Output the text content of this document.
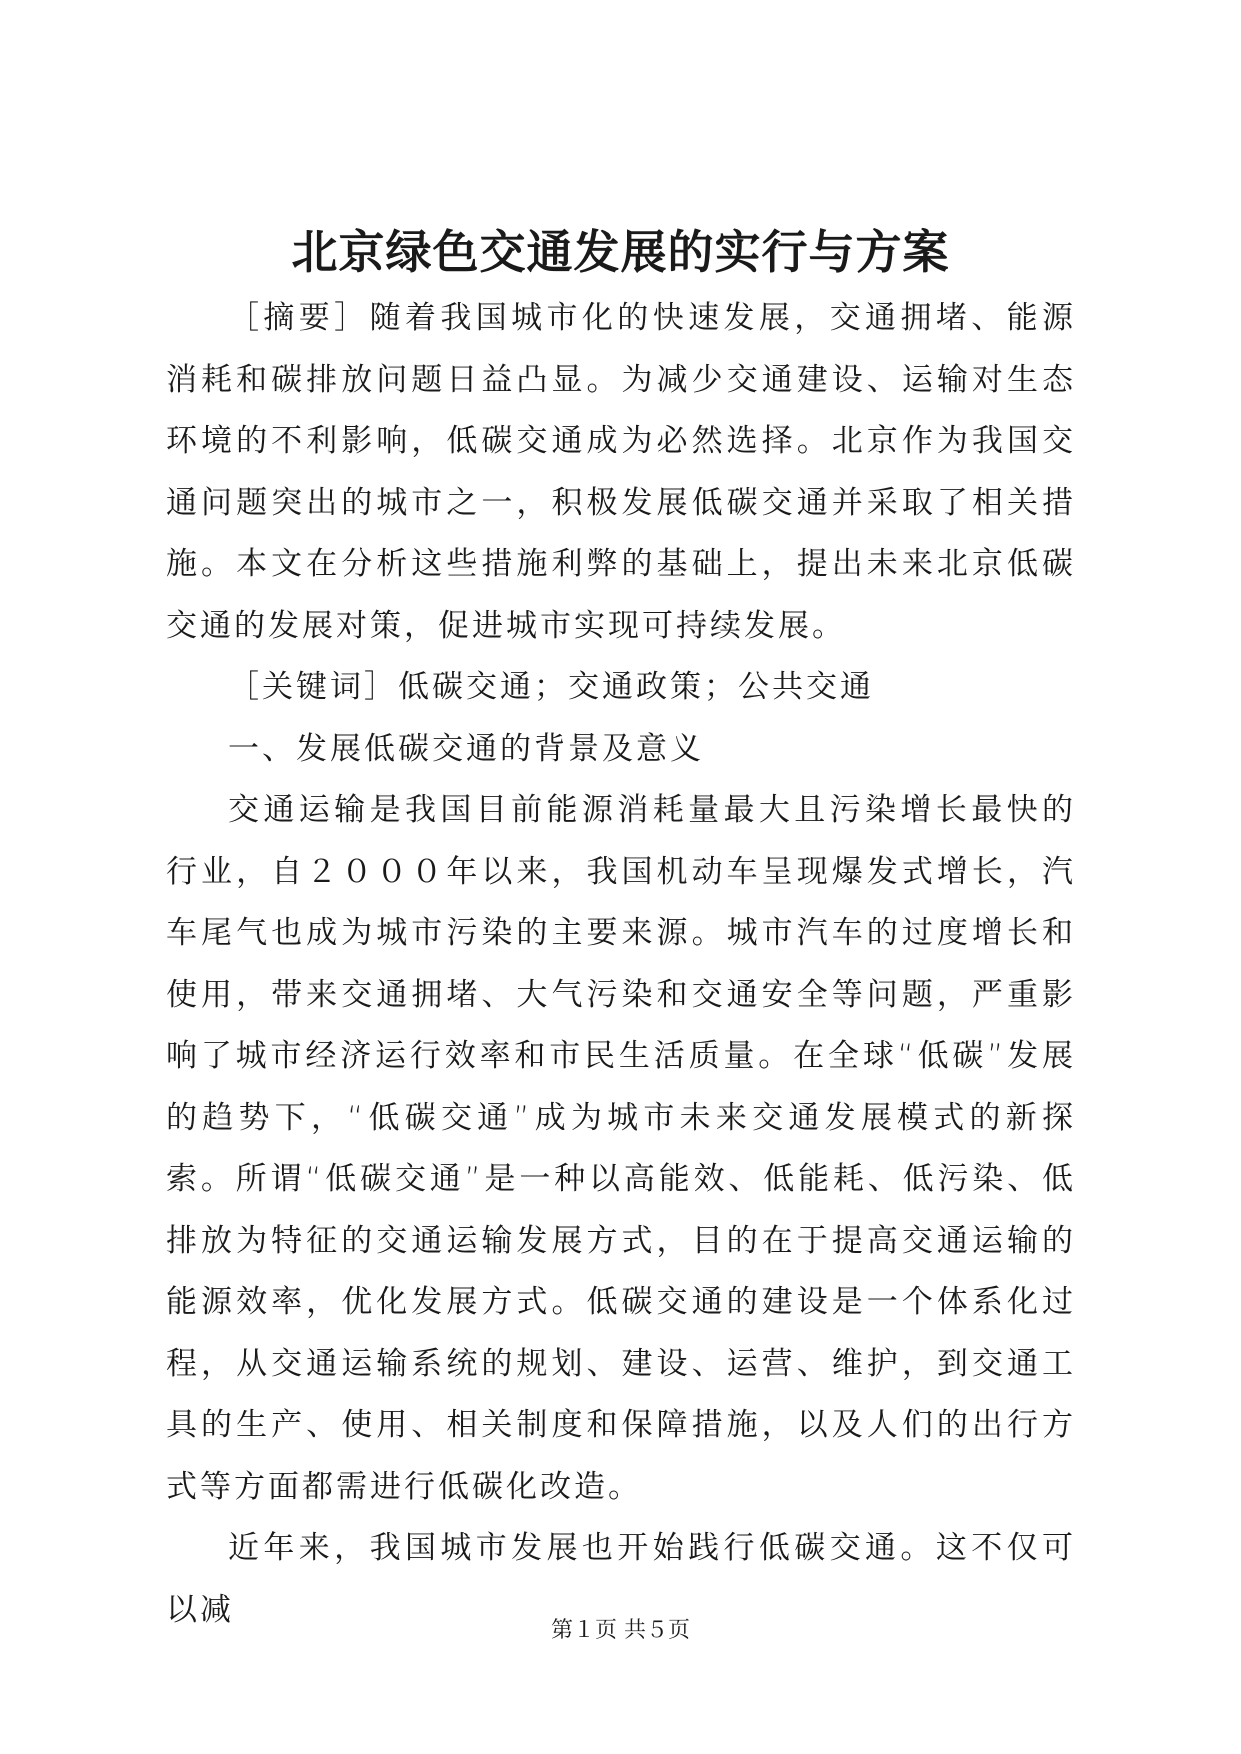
北京绿色交通发展的实行与方案

［摘要］随着我国城市化的快速发展，交通拥堵、能源消耗和碳排放问题日益凸显。为减少交通建设、运输对生态环境的不利影响，低碳交通成为必然选择。北京作为我国交通问题突出的城市之一，积极发展低碳交通并采取了相关措施。本文在分析这些措施利弊的基础上，提出未来北京低碳交通的发展对策，促进城市实现可持续发展。

［关键词］低碳交通；交通政策；公共交通

一、发展低碳交通的背景及意义

交通运输是我国目前能源消耗量最大且污染增长最快的行业，自２０００年以来，我国机动车呈现爆发式增长，汽车尾气也成为城市污染的主要来源。城市汽车的过度增长和使用，带来交通拥堵、大气污染和交通安全等问题，严重影响了城市经济运行效率和市民生活质量。在全球“低碳”发展的趋势下，“低碳交通”成为城市未来交通发展模式的新探索。所谓“低碳交通”是一种以高能效、低能耗、低污染、低排放为特征的交通运输发展方式，目的在于提高交通运输的能源效率，优化发展方式。低碳交通的建设是一个体系化过程，从交通运输系统的规划、建设、运营、维护，到交通工具的生产、使用、相关制度和保障措施，以及人们的出行方式等方面都需进行低碳化改造。

近年来，我国城市发展也开始践行低碳交通。这不仅可以减

第１页 共５页
